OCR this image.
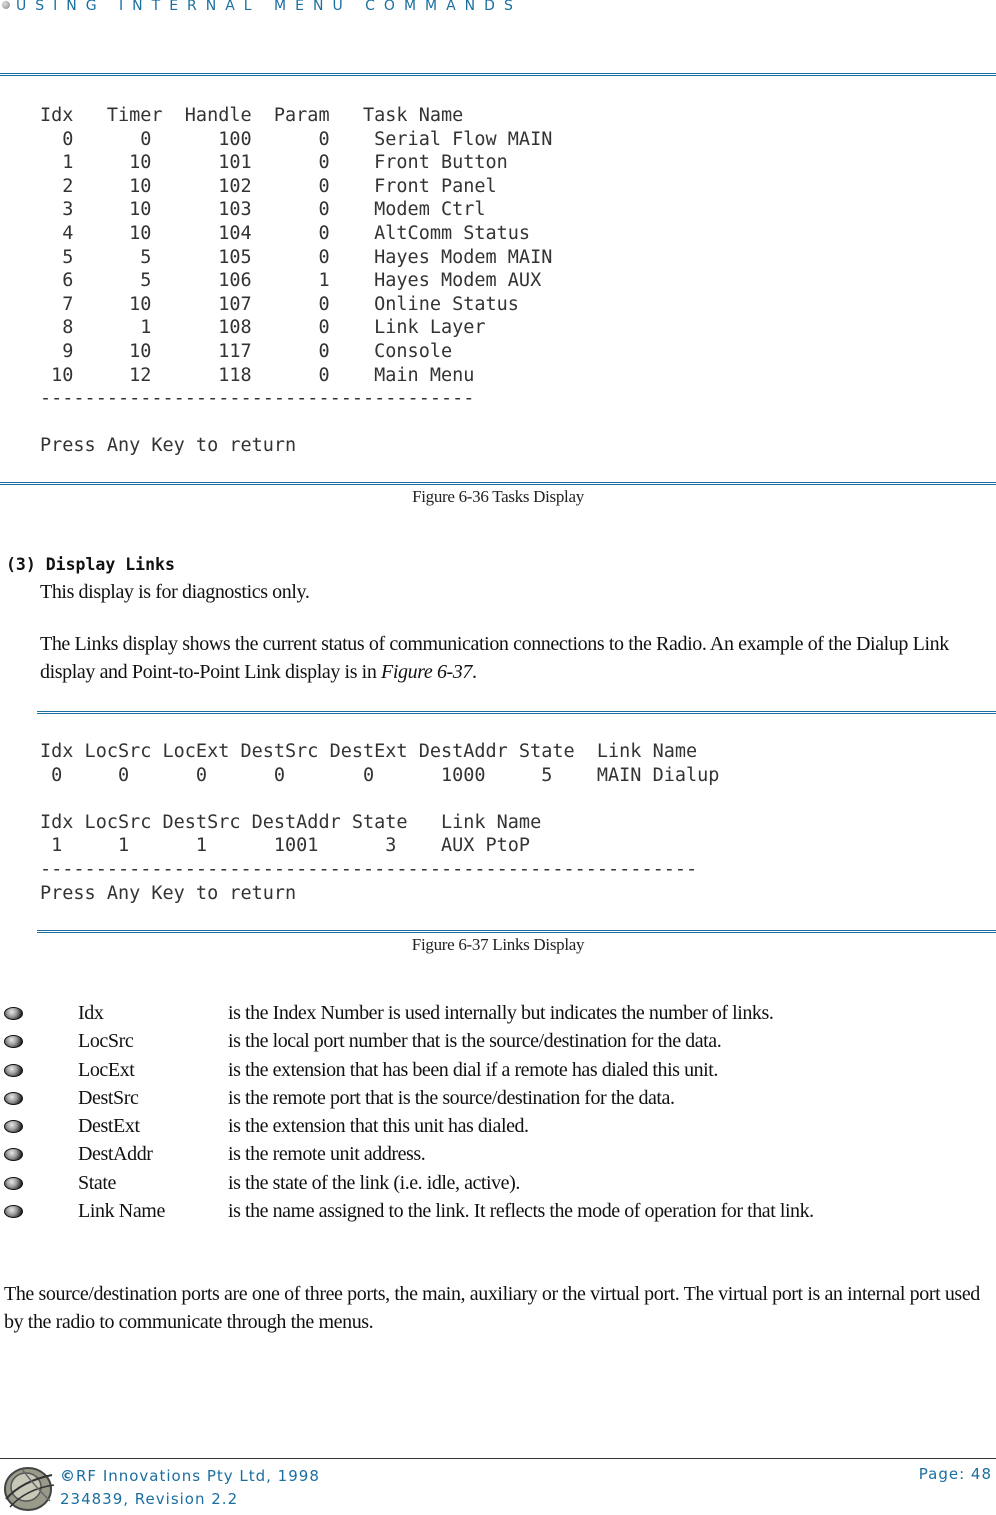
USING INTERNAL MENU COMMANDS
Idx   Timer  Handle  Param   Task Name
0      0      100      0    Serial Flow MAIN
1     10      101      0    Front Button
2     10      102      0    Front Panel
3     10      103      0    Modem Ctrl
4     10      104      0    AltComm Status
5      5      105      0    Hayes Modem MAIN
6      5      106      1    Hayes Modem AUX
7     10      107      0    Online Status
8      1      108      0    Link Layer
9     10      117      0    Console
10     12      118      0    Main Menu
---------------------------------------

Press Any Key to return
Figure 6-36 Tasks Display
(3) Display Links

This display is for diagnostics only.

The Links display shows the current status of communication connections to the Radio. An example of the Dialup Link display and Point-to-Point Link display is in Figure 6-37.

Idx LocSrc LocExt DestSrc DestExt DestAddr State  Link Name
0     0      0      0       0      1000     5    MAIN Dialup

Idx LocSrc DestSrc DestAddr State   Link Name
1     1      1      1001      3    AUX PtoP
-----------------------------------------------------------
Press Any Key to return
Figure 6-37 Links Display
Idx	is the Index Number is used internally but indicates the number of links.
LocSrc	is the local port number that is the source/destination for the data.
LocExt	is the extension that has been dial if a remote has dialed this unit.
DestSrc	is the remote port that is the source/destination for the data.
DestExt	is the extension that this unit has dialed.
DestAddr	is the remote unit address.
State	is the state of the link (i.e. idle, active).
Link Name	is the name assigned to the link. It reflects the mode of operation for that link.

The source/destination ports are one of three ports, the main, auxiliary or the virtual port. The virtual port is an internal port used by the radio to communicate through the menus.

©RF Innovations Pty Ltd, 1998
234839, Revision 2.2
Page: 48
